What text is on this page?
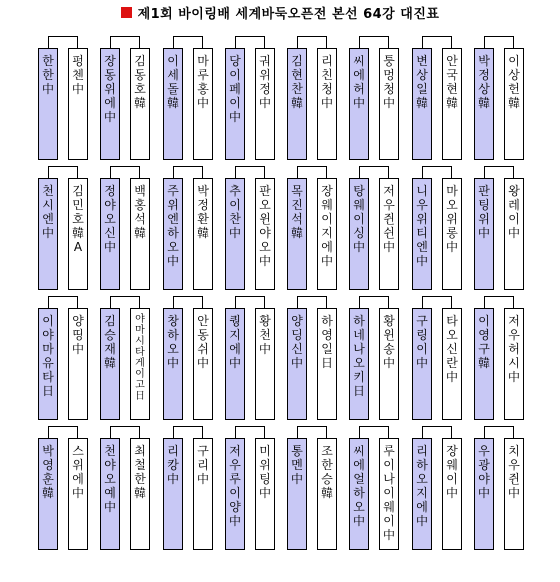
제1회 바이링배 세계바둑오픈전 본선 64강 대진표
한
한
中
펑
첸
中
장
동
위
에
中
김
동
호
韓
이
세
돌
韓
마
루
홍
中
당
이
페
이
中
궈
위
정
中
김
현
찬
韓
리
친
청
中
씨
에
허
中
퉁
멍
청
中
변
상
일
韓
안
국
현
韓
박
정
상
韓
이
상
헌
韓
천
시
엔
中
김
민
호
韓
A
정
야
오
신
中
백
홍
석
韓
주
위
엔
하
오
中
박
정
환
韓
추
이
찬
中
판
오
윈
야
오
中
목
진
석
韓
장
웨
이
지
에
中
탕
웨
이
싱
中
저
우
쥔
쉰
中
니
우
위
티
엔
中
마
오
위
롱
中
판
팅
위
中
왕
레
이
中
이
야
마
유
타
日
양
띵
中
김
승
재
韓
야
마
시
타
게
이
고
日
창
하
오
中
안
동
쉬
中
퀑
지
에
中
황
천
中
양
딩
신
中
하
영
일
日
하
네
나
오
키
日
황
윈
송
中
구
링
이
中
타
오
신
란
中
이
영
구
韓
저
우
허
시
中
박
영
훈
韓
스
위
에
中
천
야
오
예
中
최
철
한
韓
리
캉
中
구
리
中
저
우
루
이
양
中
미
위
팅
中
통
멘
中
조
한
승
韓
씨
에
얼
하
오
中
루
이
나
이
웨
이
中
리
하
오
지
에
中
장
웨
이
中
우
광
야
中
치
우
쥔
中
